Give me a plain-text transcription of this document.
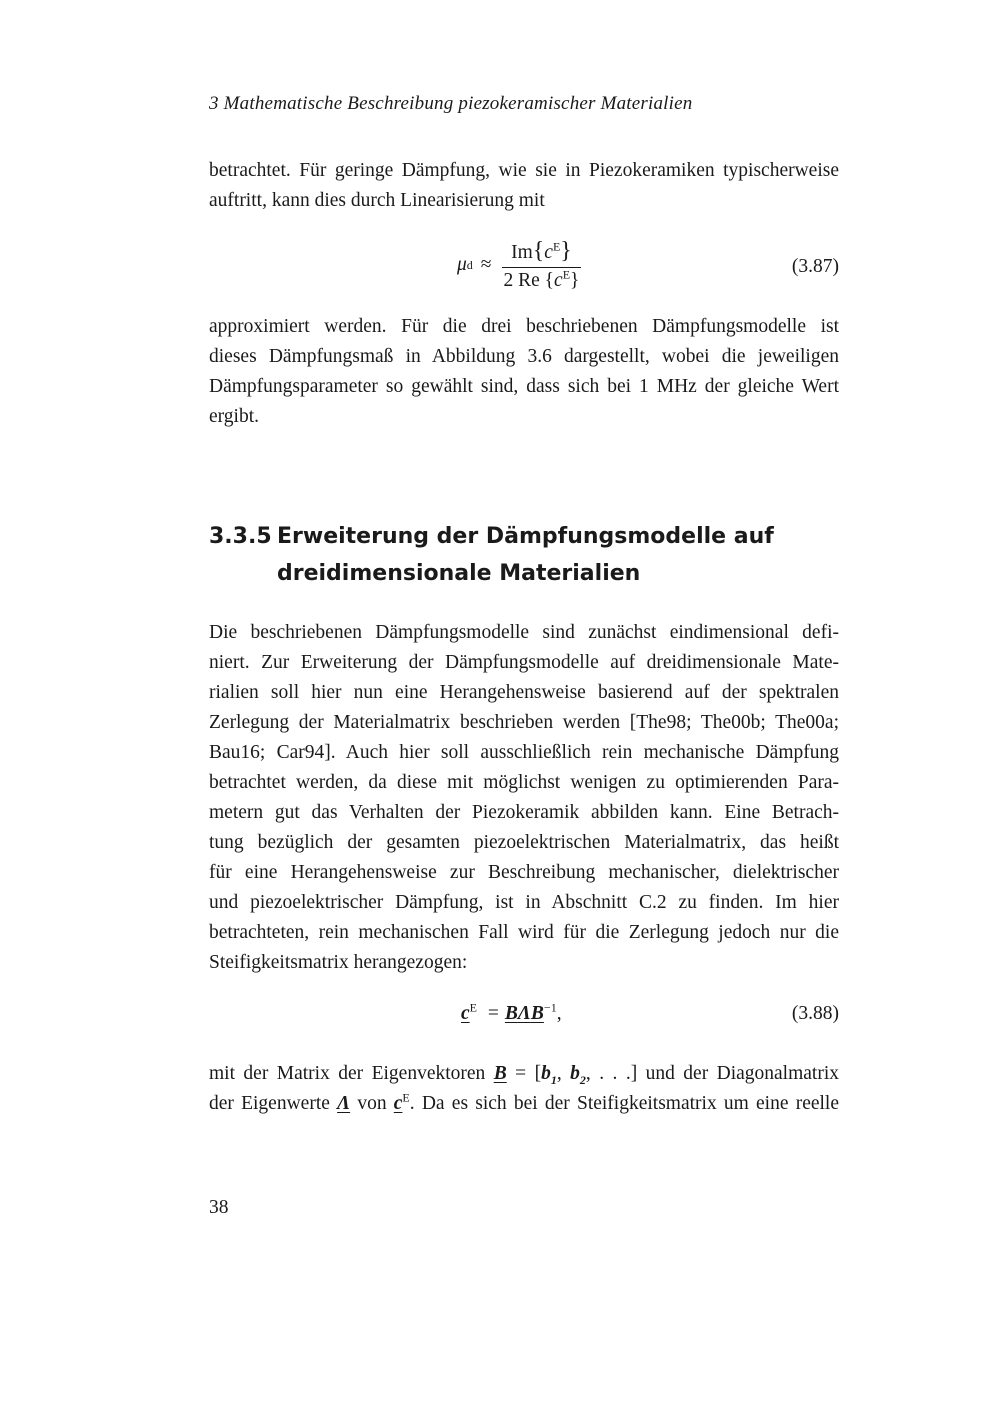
3 Mathematische Beschreibung piezokeramischer Materialien
betrachtet. Für geringe Dämpfung, wie sie in Piezokeramiken typischerweise
auftritt, kann dies durch Linearisierung mit
μ $d \approx \frac{Im\{c^E\}}{2 Re \{c^E\}}$	(3.87)
approximiert werden. Für die drei beschriebenen Dämpfungsmodelle ist
dieses Dämpfungsmaß in Abbildung 3.6 dargestellt, wobei die jeweiligen
Dämpfungsparameter so gewählt sind, dass sich bei 1 MHz der gleiche Wert
ergibt.
3.3.5 Erweiterung der Dämpfungsmodelle auf
dreidimensionale Materialien
Die beschriebenen Dämpfungsmodelle sind zunächst eindimensional defi-
niert. Zur Erweiterung der Dämpfungsmodelle auf dreidimensionale Mate-
rialien soll hier nun eine Herangehensweise basierend auf der spektralen
Zerlegung der Materialmatrix beschrieben werden [The98; The00b; The00a;
Bau16; Car94]. Auch hier soll ausschließlich rein mechanische Dämpfung
betrachtet werden, da diese mit möglichst wenigen zu optimierenden Para-
metern gut das Verhalten der Piezokeramik abbilden kann. Eine Betrach-
tung bezüglich der gesamten piezoelektrischen Materialmatrix, das heißt
für eine Herangehensweise zur Beschreibung mechanischer, dielektrischer
und piezoelektrischer Dämpfung, ist in Abschnitt C.2 zu finden. Im hier
betrachteten, rein mechanischen Fall wird für die Zerlegung jedoch nur die
Steifigkeitsmatrix herangezogen:
$c^E = B\Lambda B^{-1}$,	(3.88)
mit der Matrix der Eigenvektoren $B = [b_1$, $b_2$, . . .] und der Diagonalmatrix
der Eigenwerte Λ von $c^E$. Da es sich bei der Steifigkeitsmatrix um eine reelle
38
